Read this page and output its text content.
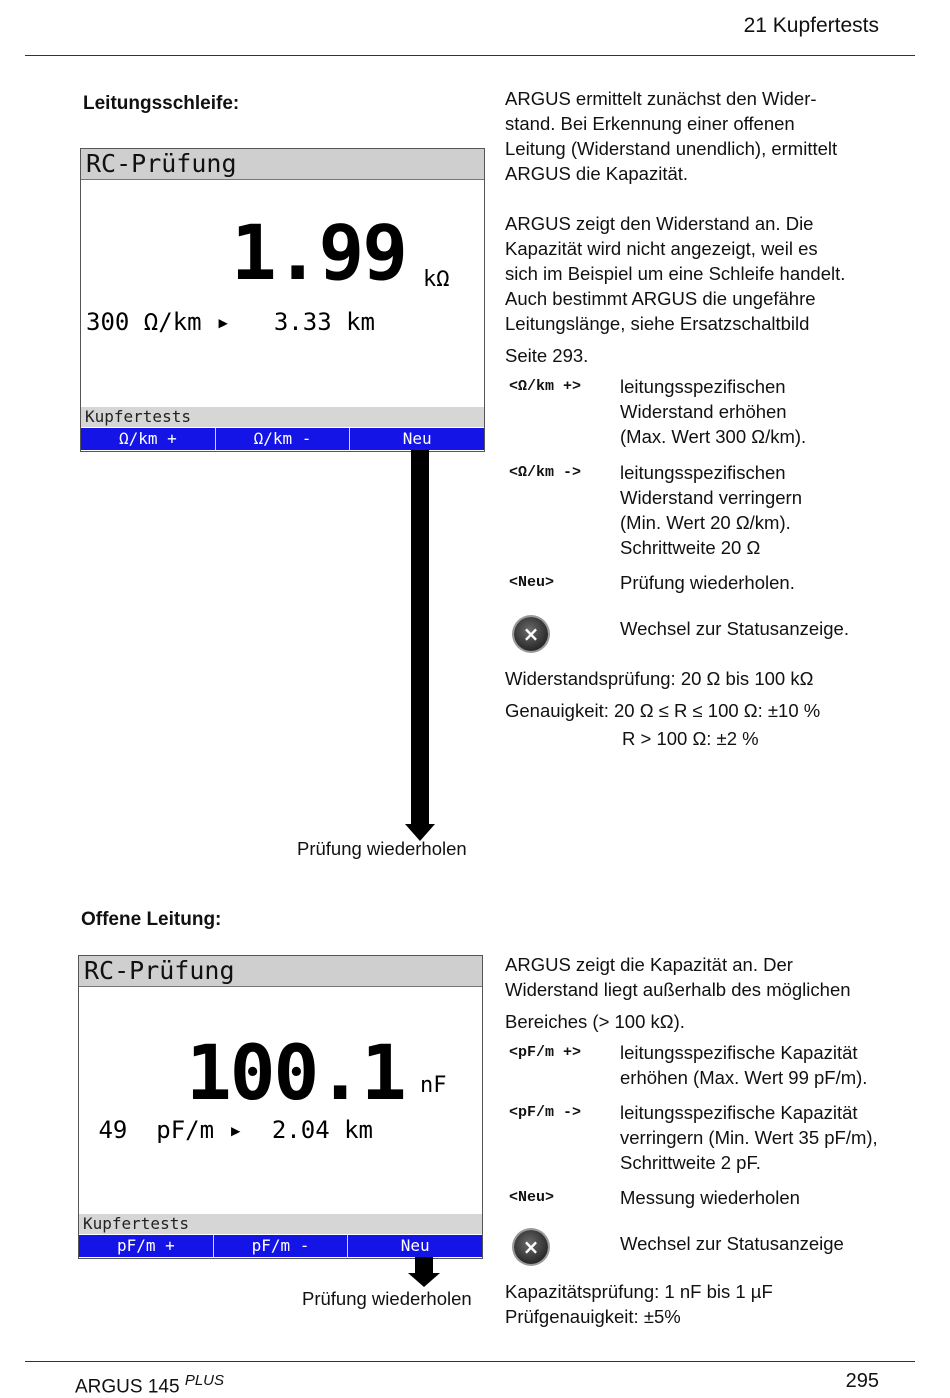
21 Kupfertests
Leitungsschleife:
RC-Prüfung
1.99 kΩ
300 Ω/km ▸   3.33 km
Kupfertests
Ω/km +	Ω/km -	Neu
Prüfung wiederholen

ARGUS ermittelt zunächst den Wider-

stand. Bei Erkennung einer offenen

Leitung (Widerstand unendlich), ermittelt

ARGUS die Kapazität.

ARGUS zeigt den Widerstand an. Die

Kapazität wird nicht angezeigt, weil es

sich im Beispiel um eine Schleife handelt.

Auch bestimmt ARGUS die ungefähre

Leitungslänge, siehe Ersatzschaltbild

Seite 293.
<Ω/km +> leitungsspezifischen
Widerstand erhöhen
(Max. Wert 300 Ω/km).
<Ω/km -> leitungsspezifischen
Widerstand verringern
(Min. Wert 20 Ω/km).
Schrittweite 20 Ω
<Neu>	Prüfung wiederholen.
×	Wechsel zur Statusanzeige.
Widerstandsprüfung: 20 Ω bis 100 kΩ
Genauigkeit: 20 Ω ≤ R ≤ 100 Ω: ±10 %
R > 100 Ω: ±2 %
Offene Leitung:
RC-Prüfung
100.1 nF
49  pF/m ▸  2.04 km
Kupfertests
pF/m +	pF/m -	Neu
Prüfung wiederholen

ARGUS zeigt die Kapazität an. Der

Widerstand liegt außerhalb des möglichen

Bereiches (> 100 kΩ).
<pF/m +> leitungsspezifische Kapazität
erhöhen (Max. Wert 99 pF/m).
<pF/m -> leitungsspezifische Kapazität
verringern (Min. Wert 35 pF/m),
Schrittweite 2 pF.
<Neu>	Messung wiederholen
×	Wechsel zur Statusanzeige
Kapazitätsprüfung: 1 nF bis 1 µF
Prüfgenauigkeit: ±5%
ARGUS 145 $^{PLUS}$	295
